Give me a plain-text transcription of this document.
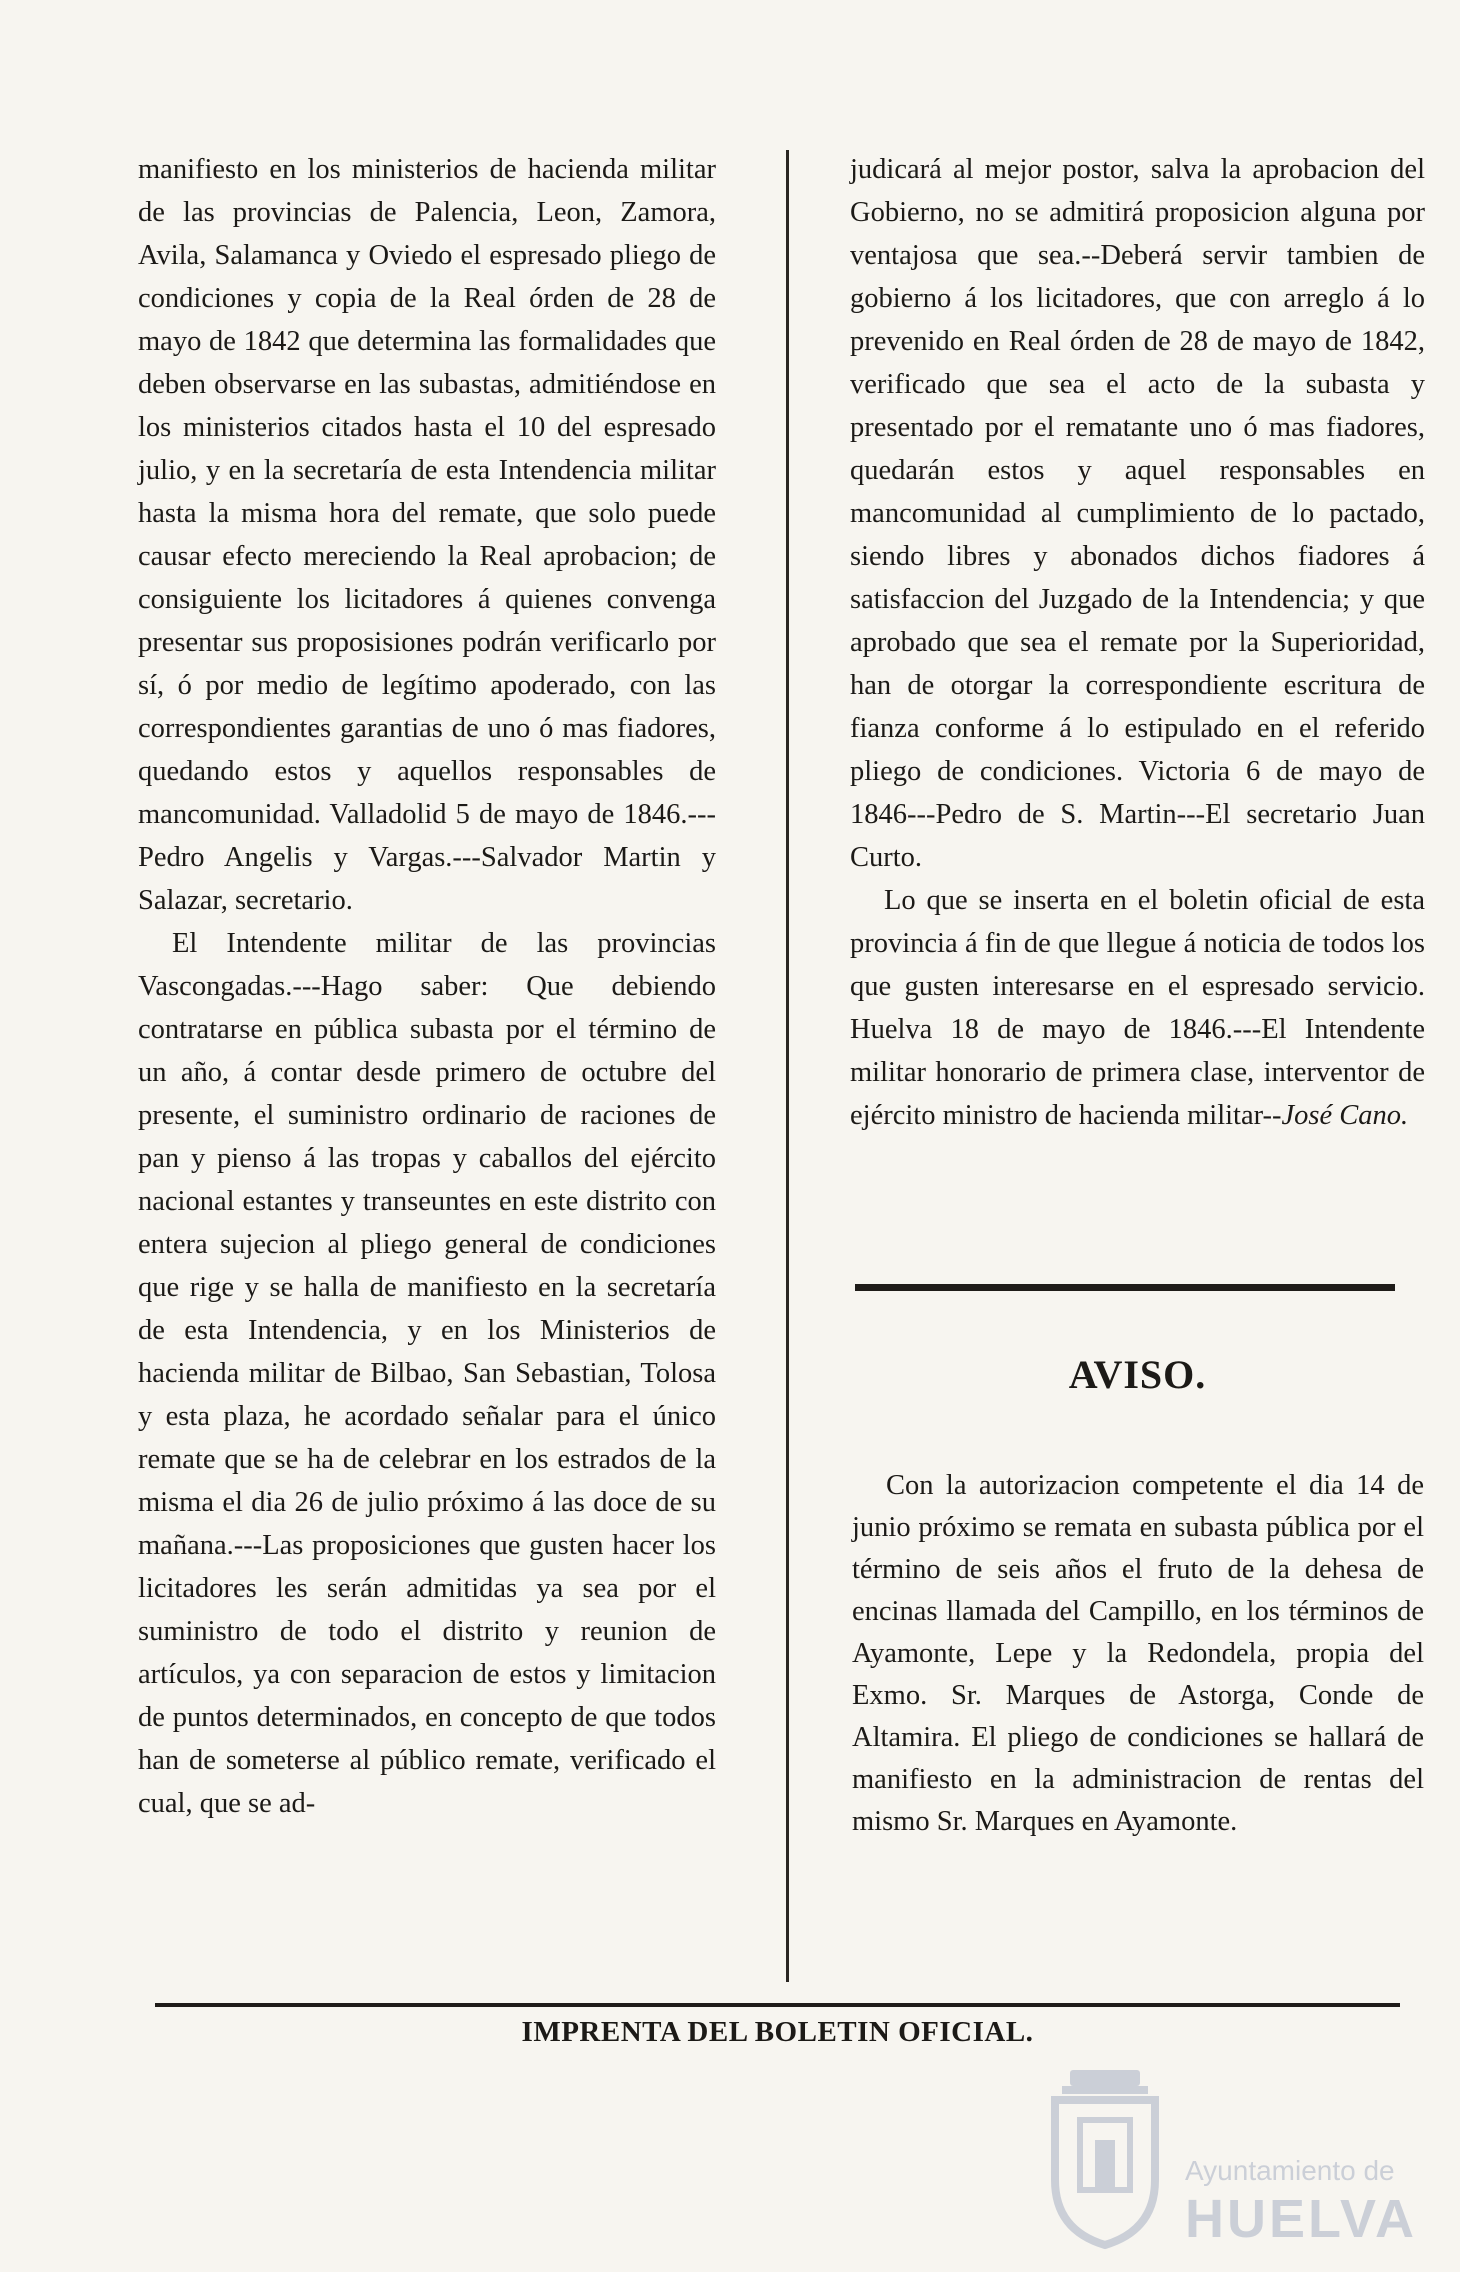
manifiesto en los ministerios de hacienda militar de las provincias de Palencia, Leon, Zamora, Avila, Salamanca y Oviedo el espresado pliego de condiciones y copia de la Real órden de 28 de mayo de 1842 que determina las formalidades que deben observarse en las subastas, admitiéndose en los ministerios citados hasta el 10 del espresado julio, y en la secretaría de esta Intendencia militar hasta la misma hora del remate, que solo puede causar efecto mereciendo la Real aprobacion; de consiguiente los licitadores á quienes convenga presentar sus proposisiones podrán verificarlo por sí, ó por medio de legítimo apoderado, con las correspondientes garantias de uno ó mas fiadores, quedando estos y aquellos responsables de mancomunidad. Valladolid 5 de mayo de 1846.---Pedro Angelis y Vargas.---Salvador Martin y Salazar, secretario.

El Intendente militar de las provincias Vascongadas.---Hago saber: Que debiendo contratarse en pública subasta por el término de un año, á contar desde primero de octubre del presente, el suministro ordinario de raciones de pan y pienso á las tropas y caballos del ejército nacional estantes y transeuntes en este distrito con entera sujecion al pliego general de condiciones que rige y se halla de manifiesto en la secretaría de esta Intendencia, y en los Ministerios de hacienda militar de Bilbao, San Sebastian, Tolosa y esta plaza, he acordado señalar para el único remate que se ha de celebrar en los estrados de la misma el dia 26 de julio próximo á las doce de su mañana.---Las proposiciones que gusten hacer los licitadores les serán admitidas ya sea por el suministro de todo el distrito y reunion de artículos, ya con separacion de estos y limitacion de puntos determinados, en concepto de que todos han de someterse al público remate, verificado el cual, que se ad-

judicará al mejor postor, salva la aprobacion del Gobierno, no se admitirá proposicion alguna por ventajosa que sea.--Deberá servir tambien de gobierno á los licitadores, que con arreglo á lo prevenido en Real órden de 28 de mayo de 1842, verificado que sea el acto de la subasta y presentado por el rematante uno ó mas fiadores, quedarán estos y aquel responsables en mancomunidad al cumplimiento de lo pactado, siendo libres y abonados dichos fiadores á satisfaccion del Juzgado de la Intendencia; y que aprobado que sea el remate por la Superioridad, han de otorgar la correspondiente escritura de fianza conforme á lo estipulado en el referido pliego de condiciones. Victoria 6 de mayo de 1846---Pedro de S. Martin---El secretario Juan Curto.

Lo que se inserta en el boletin oficial de esta provincia á fin de que llegue á noticia de todos los que gusten interesarse en el espresado servicio. Huelva 18 de mayo de 1846.---El Intendente militar honorario de primera clase, interventor de ejército ministro de hacienda militar--José Cano.

AVISO.

Con la autorizacion competente el dia 14 de junio próximo se remata en subasta pública por el término de seis años el fruto de la dehesa de encinas llamada del Campillo, en los términos de Ayamonte, Lepe y la Redondela, propia del Exmo. Sr. Marques de Astorga, Conde de Altamira. El pliego de condiciones se hallará de manifiesto en la administracion de rentas del mismo Sr. Marques en Ayamonte.

IMPRENTA DEL BOLETIN OFICIAL.
Ayuntamiento de
HUELVA
